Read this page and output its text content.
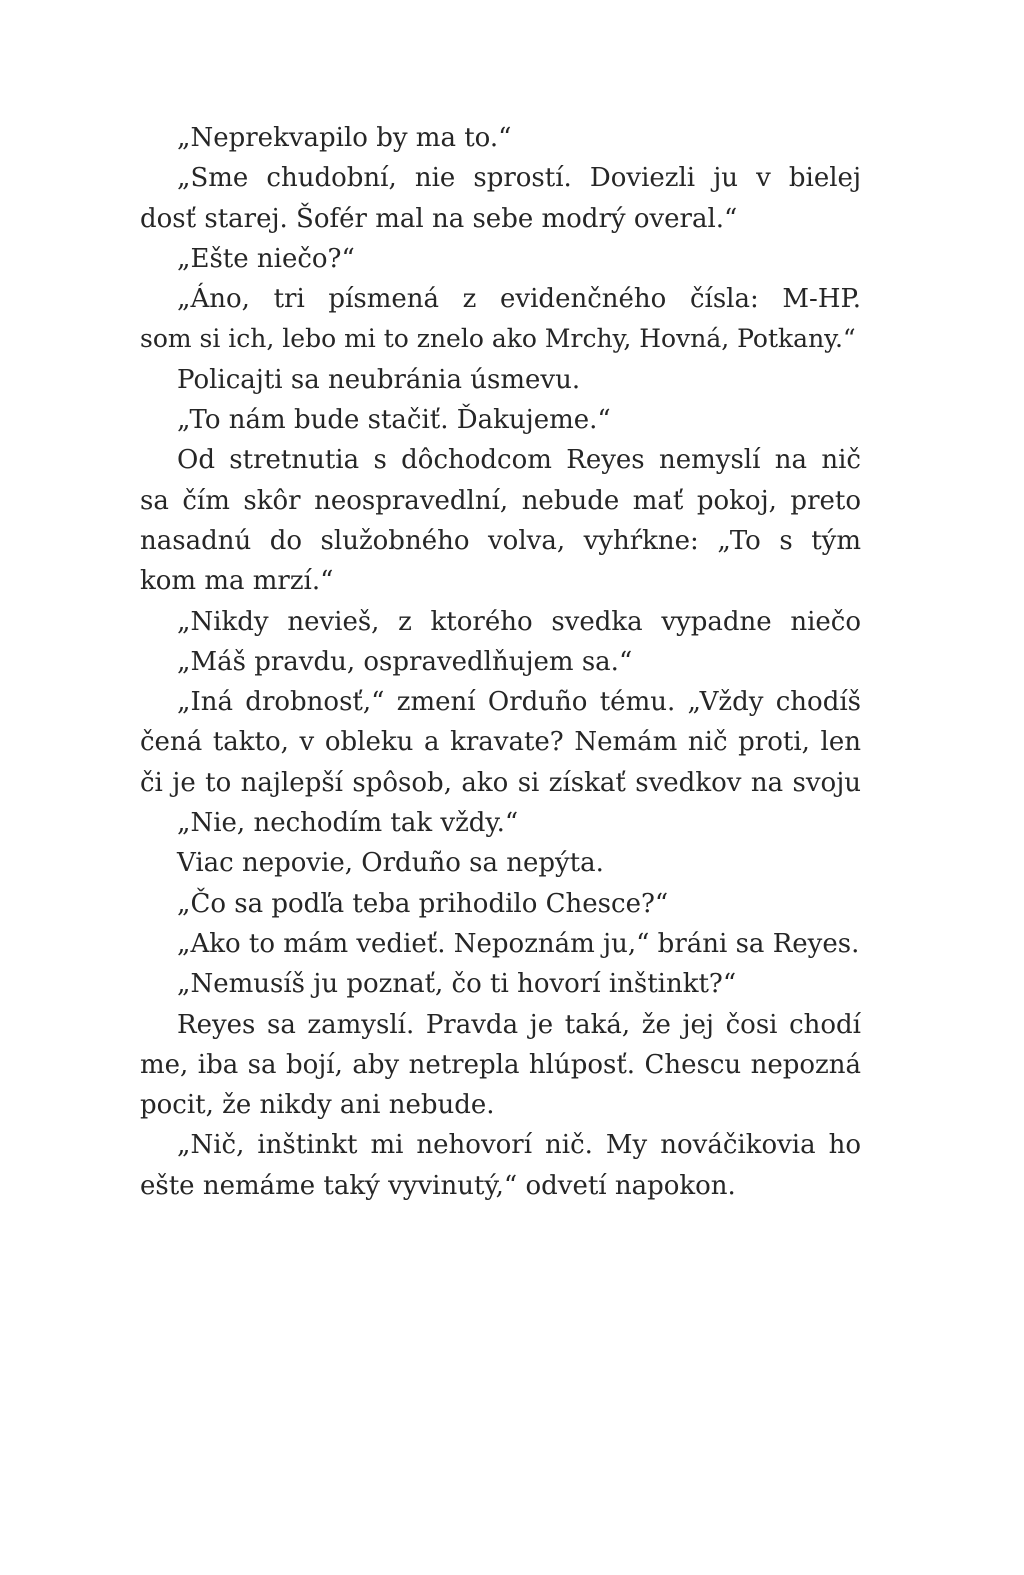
„Neprekvapilo by ma to.“
„Sme chudobní, nie sprostí. Doviezli ju v bielej
dosť starej. Šofér mal na sebe modrý overal.“
„Ešte niečo?“
„Áno, tri písmená z evidenčného čísla: M-HP.
som si ich, lebo mi to znelo ako Mrchy, Hovná, Potkany.“
Policajti sa neubránia úsmevu.
„To nám bude stačiť. Ďakujeme.“
Od stretnutia s dôchodcom Reyes nemyslí na nič
sa čím skôr neospravedlní, nebude mať pokoj, preto
nasadnú do služobného volva, vyhŕkne: „To s tým
kom ma mrzí.“
„Nikdy nevieš, z ktorého svedka vypadne niečo
„Máš pravdu, ospravedlňujem sa.“
„Iná drobnosť,“ zmení Orduño tému. „Vždy chodíš
čená takto, v obleku a kravate? Nemám nič proti, len
či je to najlepší spôsob, ako si získať svedkov na svoju
„Nie, nechodím tak vždy.“
Viac nepovie, Orduño sa nepýta.
„Čo sa podľa teba prihodilo Chesce?“
„Ako to mám vedieť. Nepoznám ju,“ bráni sa Reyes.
„Nemusíš ju poznať, čo ti hovorí inštinkt?“
Reyes sa zamyslí. Pravda je taká, že jej čosi chodí
me, iba sa bojí, aby netrepla hlúposť. Chescu nepozná
pocit, že nikdy ani nebude.
„Nič, inštinkt mi nehovorí nič. My nováčikovia ho
ešte nemáme taký vyvinutý,“ odvetí napokon.
